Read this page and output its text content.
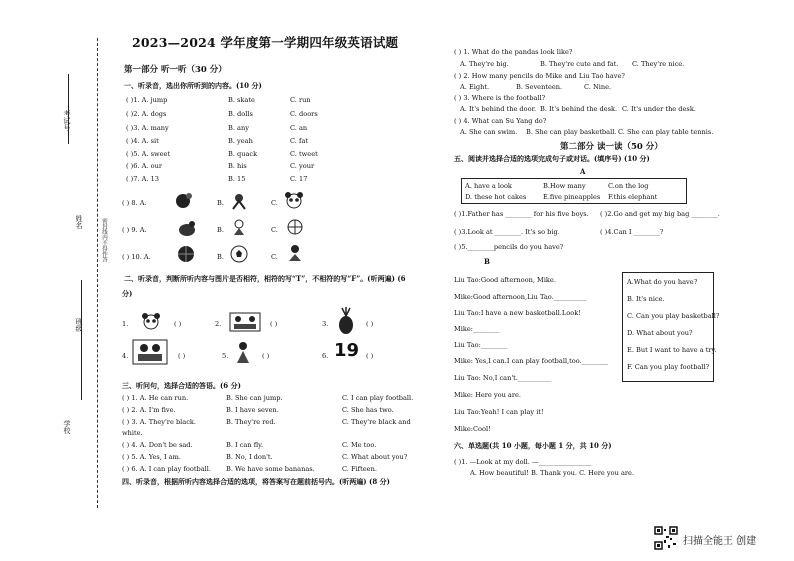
考试号
姓名	密封线内不得作答
班级
学校
2023—2024 学年度第一学期四年级英语试题
第一部分 听一听（30 分）
一、听录音，选出你所听到的内容。(10 分)
( )1. A. jump	B. skate	C. run
( )2. A. dogs	B. dolls	C. doors
( )3. A. many	B. any	C. an
( )4. A. sit	B. yeah	C. fat
( )5. A. sweet	B. quack	C. tweet
( )6. A. our	B. his	C. your
( )7. A. 13	B. 15	C. 17
( ) 8. A.	B.	C.
( ) 9. A.	B.	C.
( ) 10. A.	B.	C.
二、听录音，判断所听内容与图片是否相符，相符的写“T”，不相符的写“F”。(听两遍) (6
分)
1.	( )	2.	( )	3.	( )
4.	( )	5.	( )	6. 19 ( )
三、听问句，选择合适的答语。(6 分)
( ) 1. A. He can run.	B. She can jump.	C. I can play football.
( ) 2. A. I'm five.	B. I have seven.	C. She has two.
( ) 3. A. They're black.	B. They're red.	C. They're black and
white.
( ) 4. A. Don't be sad.	B. I can fly.	C. Me too.
( ) 5. A. Yes, I am.	B. No, I don't.	C. What about you?
( ) 6. A. I can play football. B. We have some bananas.	C. Fifteen.
四、听录音，根据所听内容选择合适的选项，将答案写在题前括号内。(听两遍) (8 分)
( ) 1. What do the pandas look like?
A. They're big.	B. They're cute and fat. C. They're nice.
( ) 2. How many pencils do Mike and Liu Tao have?
A. Eight.	B. Seventeen.	C. Nine.
( ) 3. Where is the football?
A. It's behind the door. B. It's behind the desk. C. It's under the desk.
( ) 4. What can Su Yang do?
A. She can swim. B. She can play basketball. C. She can play table tennis.
第二部分 读一读（50 分）
五、阅读并选择合适的选项完成句子或对话。(填序号) (10 分)
A
A. have a look	B.How many	C.on the log
D. these hot cakes	E.five pineapples F.this elephant
( )1.Father has ________ for his five boys. ( )2.Go and get my big bag ________.
( )3.Look at ________. It's so big.	( )4.Can I ________?
( )5.________pencils do you have?
B
Liu Tao:Good afternoon, Mike.
Mike:Good afternoon,Liu Tao.__________
Liu Tao:I have a new basketball.Look!
Mike:________
Liu Tao:________
Mike: Yes,I can.I can play football,too.________
Liu Tao: No,I can't.__________
Mike: Here you are.
Liu Tao:Yeah! I can play it!
Mike:Cool!
A.What do you have?
B. It's nice.
C. Can you play basketball?
D. What about you?
E. But I want to have a try.
F. Can you play football?
六、单选题(共 10 小题，每小题 1 分，共 10 分)
( )1. —Look at my doll. —________________
A. How beautiful! B. Thank you. C. Here you are.
扫描全能王 创建
